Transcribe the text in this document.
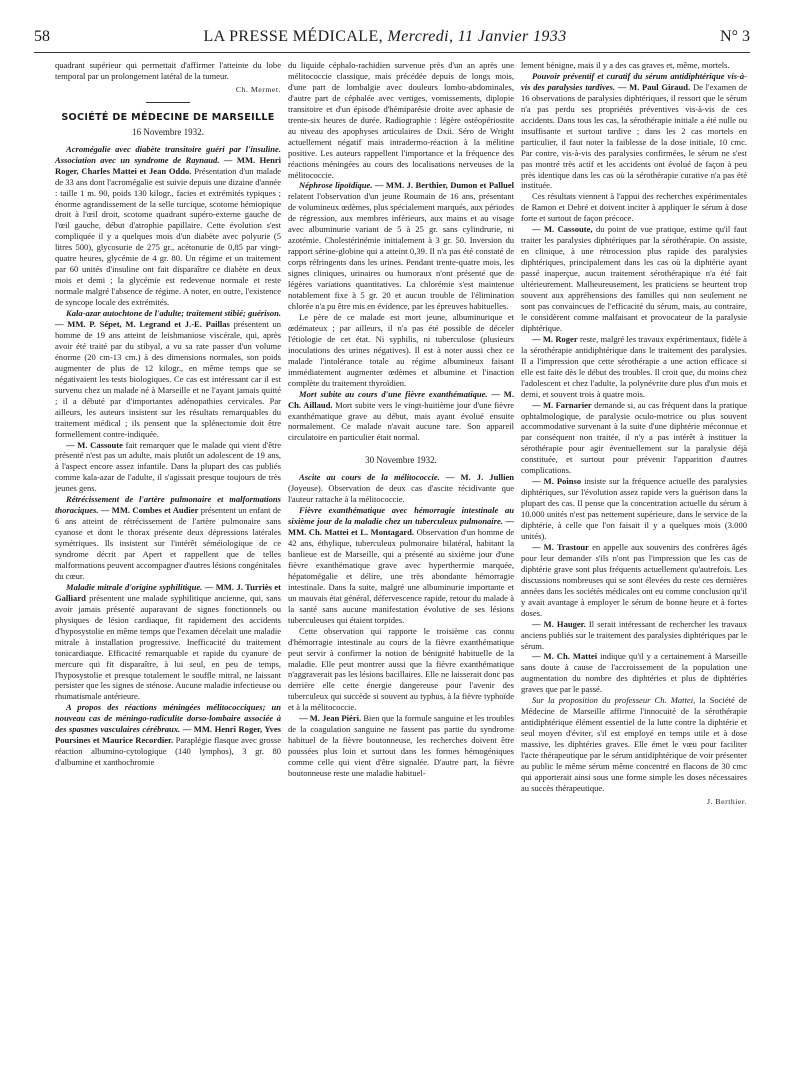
58	LA PRESSE MÉDICALE, Mercredi, 11 Janvier 1933	N° 3

quadrant supérieur qui permettait d'affirmer l'atteinte du lobe temporal par un prolongement latéral de la tumeur.

Ch. Mermet.
SOCIÉTÉ DE MÉDECINE DE MARSEILLE
16 Novembre 1932.

Acromégalie avec diabète transitoire guéri par l'insuline. Association avec un syndrome de Raynaud. — MM. Henri Roger, Charles Mattei et Jean Oddo. Présentation d'un malade de 33 ans dont l'acromégalie est suivie depuis une dizaine d'année : taille 1 m. 90, poids 130 kilogr., facies et extrémités typiques ; énorme agrandissement de la selle turcique, scotome hémiopique droit à l'œil droit, scotome quadrant supéro-externe gauche de l'œil gauche, début d'atrophie papillaire. Cette évolution s'est compliquée il y a quelques mois d'un diabète avec polyurie (5 litres 500), glycosurie de 275 gr., acétonurie de 0,85 par vingt-quatre heures, glycémie de 4 gr. 80. Un régime et un traitement par 60 unités d'insuline ont fait disparaître ce diabète en deux mois et demi ; la glycémie est redevenue normale et reste normale malgré l'absence de régime. A noter, en outre, l'existence de syncope locale des extrémités.

Kala-azar autochtone de l'adulte; traitement stibié; guérison. — MM. P. Sépet, M. Legrand et J.-E. Paillas présentent un homme de 19 ans atteint de leishmaniose viscérale, qui, après avoir été traité par du stibyal, a vu sa rate passer d'un volume énorme (20 cm-13 cm.) à des dimensions normales, son poids augmenter de plus de 12 kilogr., en même temps que se négativaient les tests biologiques. Ce cas est intéressant car il est survenu chez un malade né à Marseille et ne l'ayant jamais quitté ; il a débuté par d'importantes adénopathies cervicales. Par ailleurs, les auteurs insistent sur les résultats remarquables du traitement médical ; ils pensent que la splénectomie doit être formellement contre-indiquée.

— M. Cassoute fait remarquer que le malade qui vient d'être présenté n'est pas un adulte, mais plutôt un adolescent de 19 ans, à l'aspect encore assez infantile. Dans la plupart des cas publiés comme kala-azar de l'adulte, il s'agissait presque toujours de très jeunes gens.

Rétrécissement de l'artère pulmonaire et malformations thoraciques. — MM. Combes et Audier présentent un enfant de 6 ans atteint de rétrécissement de l'artère pulmonaire sans cyanose et dont le thorax présente deux dépressions latérales symétriques. Ils insistent sur l'intérêt séméiologique de ce syndrome décrit par Apert et rappellent que de telles malformations peuvent accompagner d'autres lésions congénitales du cœur.

Maladie mitrale d'origine syphilitique. — MM. J. Turriès et Galliard présentent une malade syphilitique ancienne, qui, sans avoir jamais présenté auparavant de signes fonctionnels ou physiques de lésion cardiaque, fit rapidement des accidents d'hyposystolie en même temps que l'examen décelait une maladie mitrale à installation progressive. Inefficacité du traitement tonicardiaque. Efficacité remarquable et rapide du cyanure de mercure qui fit disparaître, à lui seul, en peu de temps, l'hyposystolie et presque totalement le souffle mitral, ne laissant persister que les signes de sténose. Aucune maladie infectieuse ou rhumatismale antérieure.

A propos des réactions méningées mélitococciques; un nouveau cas de méningo-radiculite dorso-lombaire associée à des spasmes vasculaires cérébraux. — MM. Henri Roger, Yves Poursines et Maurice Recordier. Paraplégie flasque avec grosse réaction albumino-cytologique (140 lymphos), 3 gr. 80 d'albumine et xanthochromie

du liquide céphalo-rachidien survenue près d'un an après une mélitococcie classique, mais précédée depuis de longs mois, d'une part de lombalgie avec douleurs lombo-abdominales, d'autre part de céphalée avec vertiges, vomissements, diplopie transitoire et d'un épisode d'hémiparésie droite avec aphasie de trente-six heures de durée. Radiographie : légère ostéopériostite au niveau des apophyses articulaires de Dxii. Séro de Wright actuellement négatif mais intradermo-réaction à la mélitine positive. Les auteurs rappellent l'importance et la fréquence des réactions méningées au cours des localisations nerveuses de la mélitococcie.

Néphrose lipoïdique. — MM. J. Berthier, Dumon et Palluel relatent l'observation d'un jeune Roumain de 16 ans, présentant de volumineux œdèmes, plus spécialement marqués, aux périodes de régression, aux membres inférieurs, aux mains et au visage avec albuminurie variant de 5 à 25 gr. sans cylindrurie, ni azotémie. Cholestérinémie initialement à 3 gr. 50. Inversion du rapport sérine-globine qui a atteint 0,39. Il n'a pas été constaté de corps réfringents dans les urines. Pendant trente-quatre mois, les signes cliniques, urinaires ou humoraux n'ont présenté que de légères variations quantitatives. La chlorémie s'est maintenue notablement fixe à 5 gr. 20 et aucun trouble de l'élimination chlorée n'a pu être mis en évidence, par les épreuves habituelles.

Le père de ce malade est mort jeune, albuminurique et œdémateux ; par ailleurs, il n'a pas été possible de déceler l'étiologie de cet état. Ni syphilis, ni tuberculose (plusieurs inoculations des urines négatives). Il est à noter aussi chez ce malade l'intolérance totale au régime albumineux faisant immédiatement augmenter œdèmes et albumine et l'inaction complète du traitement thyroïdien.

Mort subite au cours d'une fièvre exanthématique. — M. Ch. Aillaud. Mort subite vers le vingt-huitième jour d'une fièvre exanthématique grave au début, mais ayant évolué ensuite normalement. Ce malade n'avait aucune tare. Son appareil circulatoire en particulier était normal.

30 Novembre 1932.

Ascite au cours de la mélitococcie. — M. J. Jullien (Joyeuse). Observation de deux cas d'ascite récidivante que l'auteur rattache à la mélitococcie.

Fièvre exanthématique avec hémorragie intestinale au sixième jour de la maladie chez un tuberculeux pulmonaire. — MM. Ch. Mattei et L. Montagard. Observation d'un homme de 42 ans, éthylique, tuberculeux pulmonaire bilatéral, habitant la banlieue est de Marseille, qui a présenté au sixième jour d'une fièvre exanthématique grave avec hyperthermie marquée, hépatomégalie et délire, une très abondante hémorragie intestinale. Dans la suite, malgré une albuminurie importante et un mauvais état général, défervescence rapide, retour du malade à la santé sans aucune manifestation évolutive de ses lésions tuberculeuses qui étaient torpides.

Cette observation qui rapporte le troisième cas connu d'hémorragie intestinale au cours de la fièvre exanthématique peut servir à confirmer la notion de bénignité habituelle de la maladie. Elle peut montrer aussi que la fièvre exanthématique n'aggraverait pas les lésions bacillaires. Elle ne laisserait donc pas derrière elle cette énergie dangereuse pour l'avenir des tuberculeux qui succède si souvent au typhus, à la fièvre typhoïde et à la mélitococcie.

— M. Jean Piéri. Bien que la formule sanguine et les troubles de la coagulation sanguine ne fassent pas partie du syndrome habituel de la fièvre boutonneuse, les recherches doivent être poussées plus loin et surtout dans les formes hémogéniques comme celle qui vient d'être signalée. D'autre part, la fièvre boutonneuse reste une maladie habituel-

lement bénigne, mais il y a des cas graves et, même, mortels.

Pouvoir préventif et curatif du sérum antidiphtérique vis-à-vis des paralysies tardives. — M. Paul Giraud. De l'examen de 16 observations de paralysies diphtériques, il ressort que le sérum n'a pas perdu ses propriétés préventives vis-à-vis de ces accidents. Dans tous les cas, la sérothérapie initiale a été nulle ou insuffisante et surtout tardive ; dans les 2 cas mortels en particulier, il faut noter la faiblesse de la dose initiale, 10 cmc. Par contre, vis-à-vis des paralysies confirmées, le sérum ne s'est pas montré très actif et les accidents ont évolué de façon à peu près identique dans les cas où la sérothérapie curative n'a pas été instituée.

Ces résultats viennent à l'appui des recherches expérimentales de Ramon et Debré et doivent inciter à appliquer le sérum à dose forte et surtout de façon précoce.

— M. Cassoute, du point de vue pratique, estime qu'il faut traiter les paralysies diphtériques par la sérothérapie. On assiste, en clinique, à une rétrocession plus rapide des paralysies diphtériques, principalement dans les cas où la diphtérie ayant passé inaperçue, aucun traitement sérothérapique n'a été fait ultérieurement. Malheureusement, les praticiens se heurtent trop souvent aux appréhensions des familles qui non seulement ne sont pas convaincues de l'efficacité du sérum, mais, au contraire, le considèrent comme malfaisant et provocateur de la paralysie diphtérique.

— M. Roger reste, malgré les travaux expérimentaux, fidèle à la sérothérapie antidiphtérique dans le traitement des paralysies. Il a l'impression que cette sérothérapie a une action efficace si elle est faite dès le début des troubles. Il croit que, du moins chez l'adolescent et chez l'adulte, la polynévrite dure plus d'un mois et demi, et souvent trois à quatre mois.

— M. Farnarier demande si, au cas fréquent dans la pratique ophtalmologique, de paralysie oculo-motrice ou plus souvent accommodative survenant à la suite d'une diphtérie méconnue et par conséquent non traitée, il n'y a pas intérêt à instituer la sérothérapie pour agir éventuellement sur la paralysie déjà constituée, et surtout pour prévenir l'apparition d'autres complications.

— M. Poinso insiste sur la fréquence actuelle des paralysies diphtériques, sur l'évolution assez rapide vers la guérison dans la plupart des cas. Il pense que la concentration actuelle du sérum à 10.000 unités n'est pas nettement supérieure, dans le service de la diphtérie, à celle que l'on faisait il y a quelques mois (3.000 unités).

— M. Trastour en appelle aux souvenirs des confrères âgés pour leur demander s'ils n'ont pas l'impression que les cas de diphtérie grave sont plus fréquents actuellement qu'autrefois. Les discussions nombreuses qui se sont élevées du reste ces dernières années dans les sociétés médicales ont eu comme conclusion qu'il y avait avantage à employer le sérum de bonne heure et à fortes doses.

— M. Hauger. Il serait intéressant de rechercher les travaux anciens publiés sur le traitement des paralysies diphtériques par le sérum.

— M. Ch. Mattei indique qu'il y a certainement à Marseille sans doute à cause de l'accroissement de la population une augmentation du nombre des diphtéries et plus de diphtéries graves que par le passé.

Sur la proposition du professeur Ch. Mattei, la Société de Médecine de Marseille affirme l'innocuité de la sérothérapie antidiphtérique élément essentiel de la lutte contre la diphtérie et seul moyen d'éviter, s'il est employé en temps utile et à dose massive, les diphtéries graves. Elle émet le vœu pour faciliter l'acte thérapeutique par le sérum antidiphtérique de voir présenter au public le même sérum même concentré en flacons de 30 cmc qui apporterait ainsi sous une forme simple les doses nécessaires au succès thérapeutique.

J. Berthier.
